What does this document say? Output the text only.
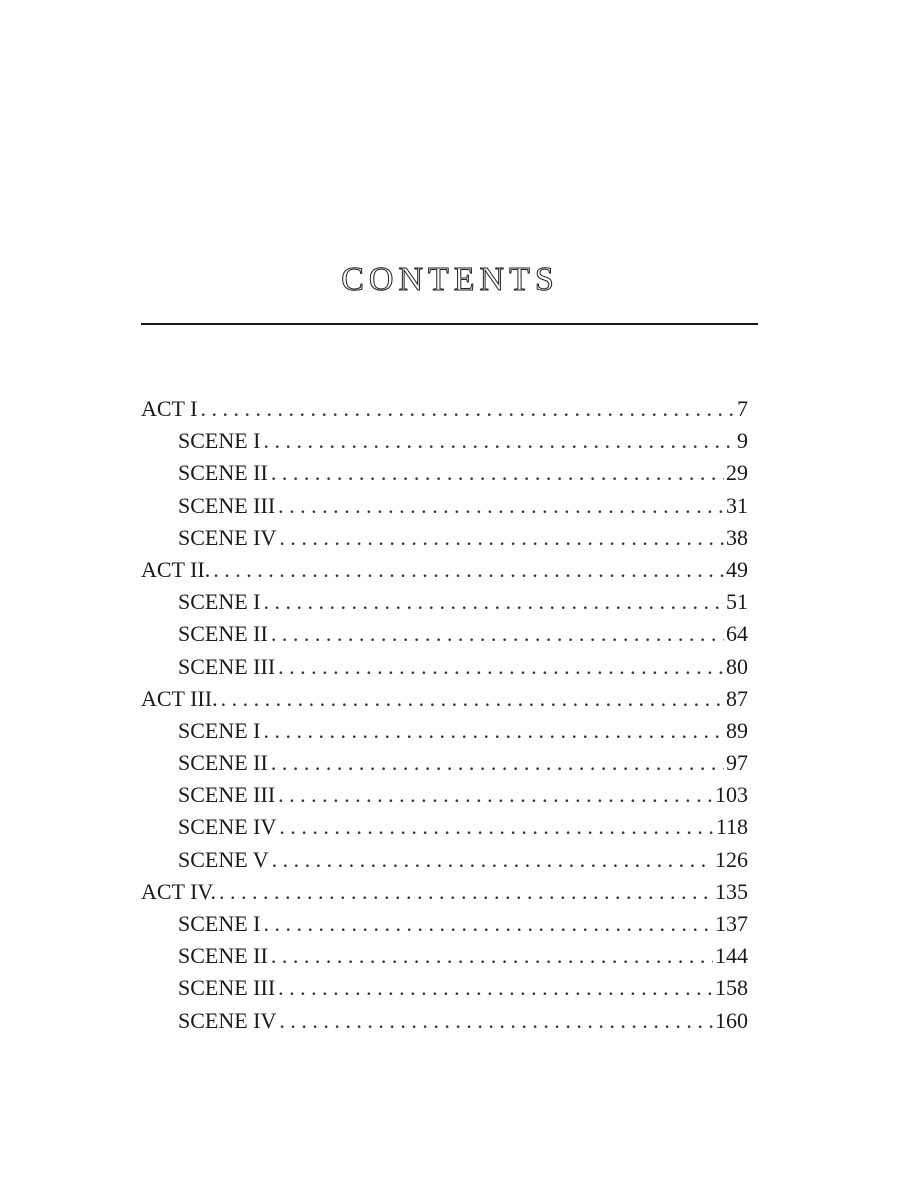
CONTENTS
ACT I . . .	7
SCENE I . . .	9
SCENE II . . .	29
SCENE III . . .	31
SCENE IV . . .	38
ACT II. . . .	49
SCENE I . . .	51
SCENE II . . .	64
SCENE III . . .	80
ACT III. . . .	87
SCENE I . . .	89
SCENE II . . .	97
SCENE III . . .	103
SCENE IV . . .	118
SCENE V . . .	126
ACT IV. . . .	135
SCENE I . . .	137
SCENE II . . .	144
SCENE III . . .	158
SCENE IV . . .	160
